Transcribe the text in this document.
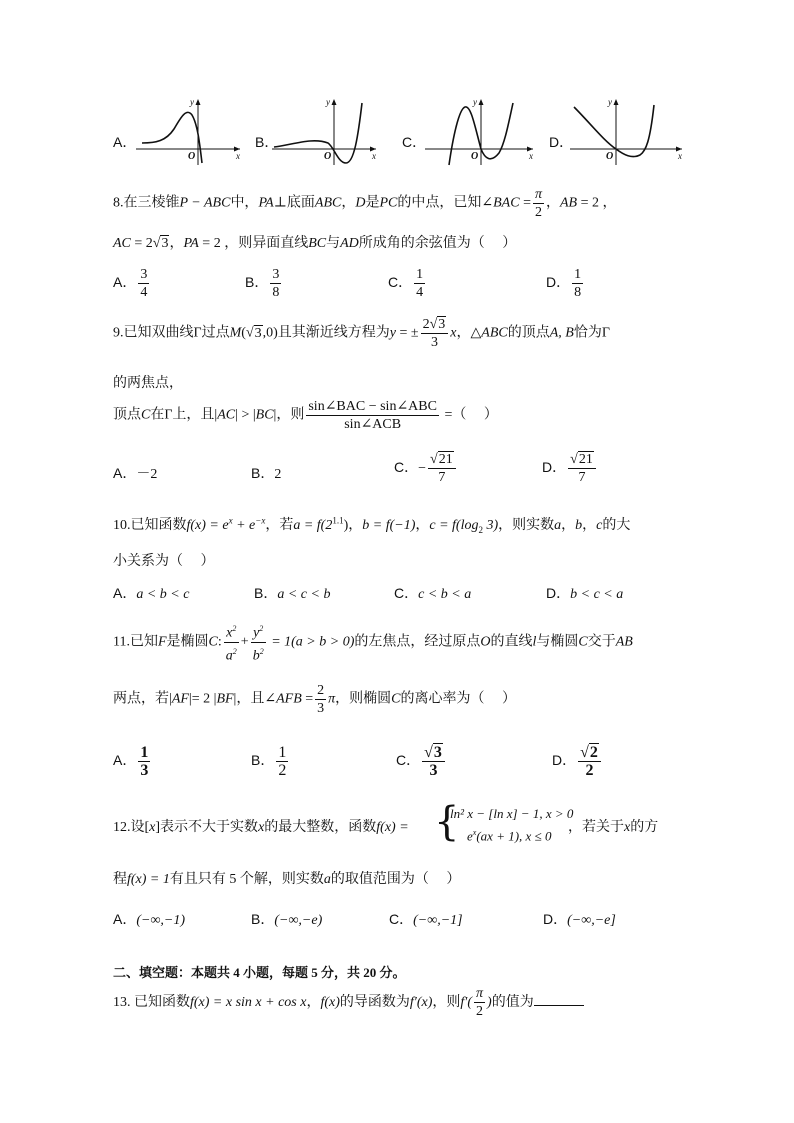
A．
y
x
O
B．
y
x
O
C．
y
x
O
D．
y
x
O
8.在三棱锥P − ABC中，PA⊥底面ABC，D是PC的中点，已知∠BAC = $\frac{\pi}{2}$ ，AB = 2 ，
AC = 2√3，PA = 2 ，则异面直线BC与AD所成角的余弦值为（　 ）
A． $\frac{3}{4}$	B． $\frac{3}{8}$	C． $\frac{1}{4}$	D． $\frac{1}{8}$
9.已知双曲线Γ过点M(√3,0)且其渐近线方程为y = ± $\frac{2√3}{3}$ x，△ABC的顶点A, B恰为Γ
的两焦点，
顶点C在Γ上，且|AC| > |BC|，则 $\frac{\text{sin∠BAC − sin∠ABC}}{\text{sin∠ACB}}$ =（　 ）
A．－2	B．2	C．− $\frac{√21}{7}$	D． $\frac{√21}{7}$
10.已知函数$f(x) = e^x + e^{-x}$，若$a = f(2^{1.1})$，b = f(−1)，$c = f(\log_2$ 3)，则实数a，b，c的大
小关系为（　 ）
A．a < b < c	B．a < c < b	C．c < b < a	D．b < c < a
11.已知F是椭圆C: $\frac{x^2}{a^2} + \frac{y^2}{b^2} = 1(a > b > 0)$的左焦点，经过原点O的直线l与椭圆C交于AB
两点，若|AF|= 2 |BF|，且∠AFB = $\frac{2}{3}$ π，则椭圆C的离心率为（　 ）
A． $\frac{1}{3}$	B． $\frac{1}{2}$	C． $\frac{√3}{3}$	D． $\frac{√2}{2}$
12.设[x]表示不大于实数x的最大整数，函数f(x) = {
ln² x − [ln x] − 1, x > 0
$e^x(ax + 1)$, x ≤ 0
，若关于x的方
程f(x) = 1有且只有 5 个解，则实数a的取值范围为（　 ）
A．(−∞,−1)	B．(−∞,−e)	C．(−∞,−1]	D．(−∞,−e]
二、填空题：本题共 4 小题，每题 5 分，共 20 分。
13. 已知函数f(x) = x sin x + cos x，f(x)的导函数为f′(x)，则$f'( \frac{\pi}{2}$ )的值为
